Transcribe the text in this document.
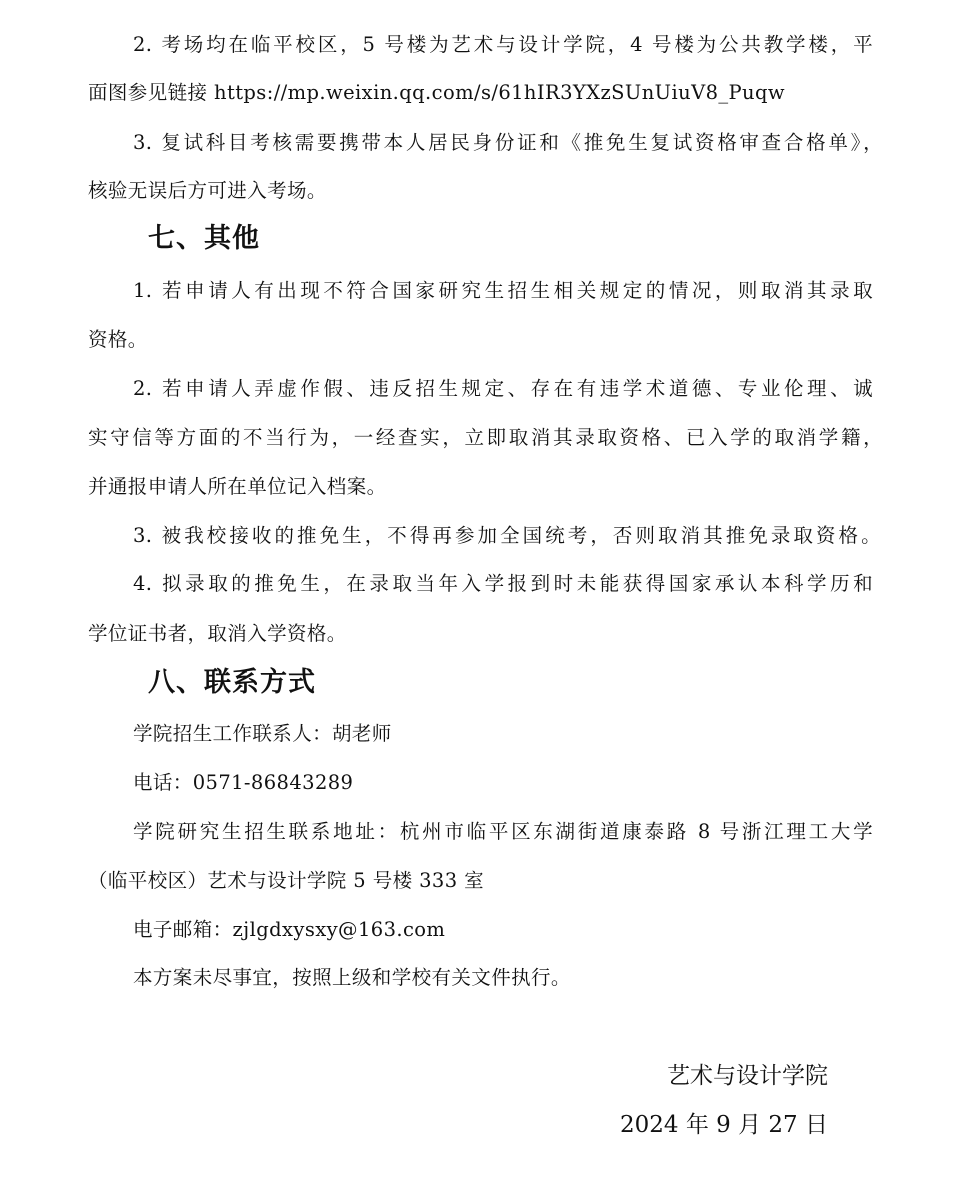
2. 考场均在临平校区，5 号楼为艺术与设计学院，4 号楼为公共教学楼，平
面图参见链接 https://mp.weixin.qq.com/s/61hIR3YXzSUnUiuV8_Puqw
3. 复试科目考核需要携带本人居民身份证和《推免生复试资格审查合格单》，
核验无误后方可进入考场。
七、其他
1. 若申请人有出现不符合国家研究生招生相关规定的情况，则取消其录取
资格。
2. 若申请人弄虚作假、违反招生规定、存在有违学术道德、专业伦理、诚
实守信等方面的不当行为，一经查实，立即取消其录取资格、已入学的取消学籍，
并通报申请人所在单位记入档案。
3. 被我校接收的推免生，不得再参加全国统考，否则取消其推免录取资格。
4. 拟录取的推免生，在录取当年入学报到时未能获得国家承认本科学历和
学位证书者，取消入学资格。
八、联系方式
学院招生工作联系人：胡老师
电话：0571-86843289
学院研究生招生联系地址：杭州市临平区东湖街道康泰路 8 号浙江理工大学
（临平校区）艺术与设计学院 5 号楼 333 室
电子邮箱：zjlgdxysxy@163.com
本方案未尽事宜，按照上级和学校有关文件执行。
艺术与设计学院
2024 年 9 月 27 日
